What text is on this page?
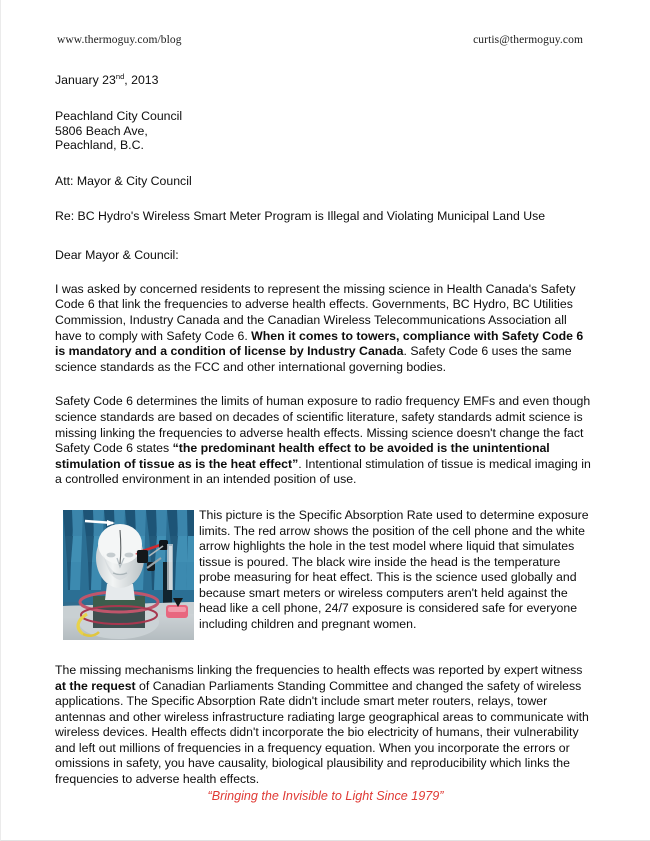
www.thermoguy.com/blog	curtis@thermoguy.com
January 23nd, 2013
Peachland City Council
5806 Beach Ave,
Peachland, B.C.
Att: Mayor & City Council
Re: BC Hydro's Wireless Smart Meter Program is Illegal and Violating Municipal Land Use
Dear Mayor & Council:
I was asked by concerned residents to represent the missing science in Health Canada's Safety Code 6 that link the frequencies to adverse health effects. Governments, BC Hydro, BC Utilities Commission, Industry Canada and the Canadian Wireless Telecommunications Association all have to comply with Safety Code 6. When it comes to towers, compliance with Safety Code 6 is mandatory and a condition of license by Industry Canada. Safety Code 6 uses the same science standards as the FCC and other international governing bodies.
Safety Code 6 determines the limits of human exposure to radio frequency EMFs and even though science standards are based on decades of scientific literature, safety standards admit science is missing linking the frequencies to adverse health effects. Missing science doesn't change the fact Safety Code 6 states “the predominant health effect to be avoided is the unintentional stimulation of tissue as is the heat effect”. Intentional stimulation of tissue is medical imaging in a controlled environment in an intended position of use.
This picture is the Specific Absorption Rate used to determine exposure limits. The red arrow shows the position of the cell phone and the white arrow highlights the hole in the test model where liquid that simulates tissue is poured. The black wire inside the head is the temperature probe measuring for heat effect. This is the science used globally and because smart meters or wireless computers aren't held against the head like a cell phone, 24/7 exposure is considered safe for everyone including children and pregnant women.
The missing mechanisms linking the frequencies to health effects was reported by expert witness at the request of Canadian Parliaments Standing Committee and changed the safety of wireless applications. The Specific Absorption Rate didn't include smart meter routers, relays, tower antennas and other wireless infrastructure radiating large geographical areas to communicate with wireless devices. Health effects didn't incorporate the bio electricity of humans, their vulnerability and left out millions of frequencies in a frequency equation. When you incorporate the errors or omissions in safety, you have causality, biological plausibility and reproducibility which links the frequencies to adverse health effects.
“Bringing the Invisible to Light Since 1979”
